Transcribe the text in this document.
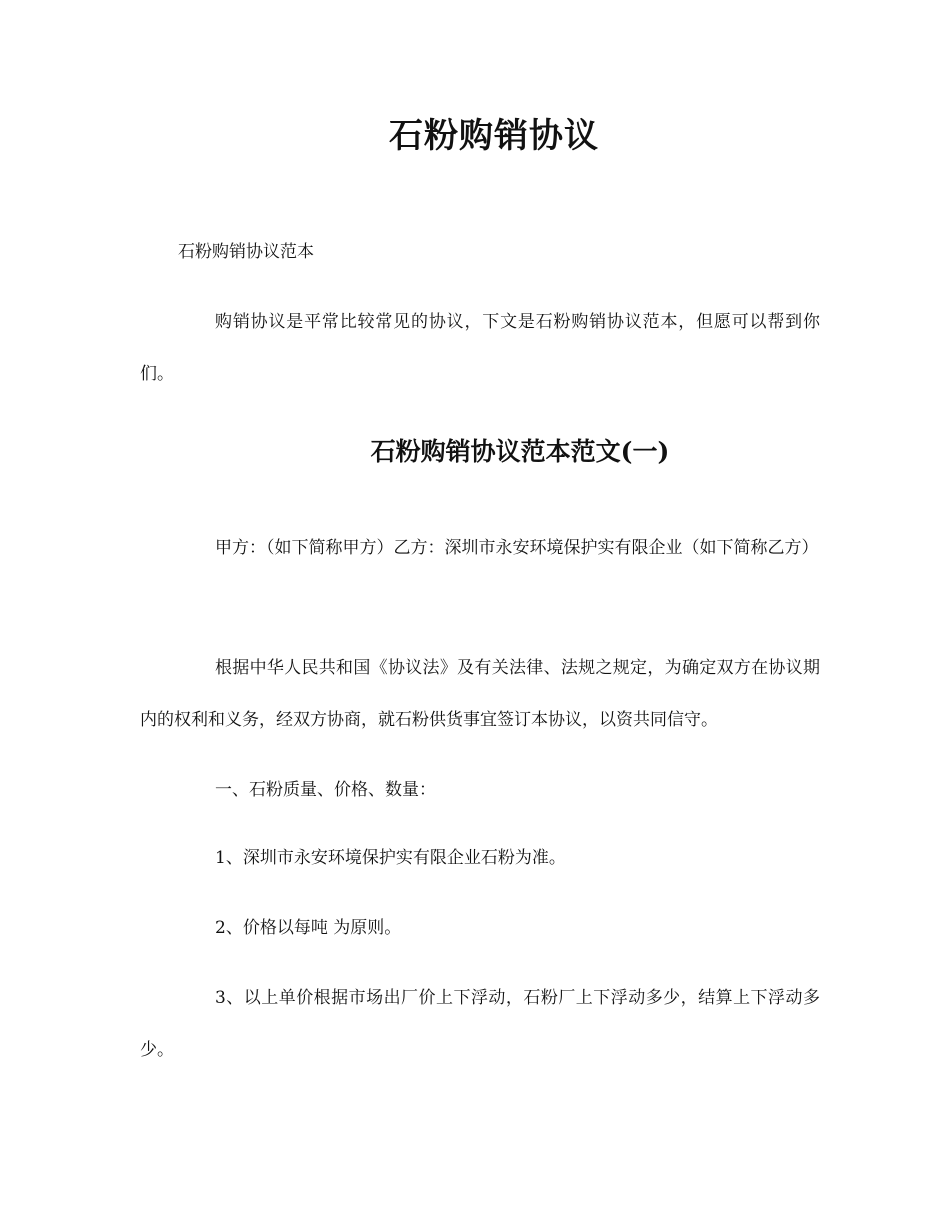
石粉购销协议

石粉购销协议范本

购销协议是平常比较常见的协议，下文是石粉购销协议范本，但愿可以帮到你们。

石粉购销协议范本范文(一)

甲方：（如下简称甲方）乙方：深圳市永安环境保护实有限企业（如下简称乙方）

根据中华人民共和国《协议法》及有关法律、法规之规定，为确定双方在协议期内的权利和义务，经双方协商，就石粉供货事宜签订本协议，以资共同信守。

一、石粉质量、价格、数量：

1、深圳市永安环境保护实有限企业石粉为准。

2、价格以每吨 为原则。

3、以上单价根据市场出厂价上下浮动，石粉厂上下浮动多少，结算上下浮动多少。
